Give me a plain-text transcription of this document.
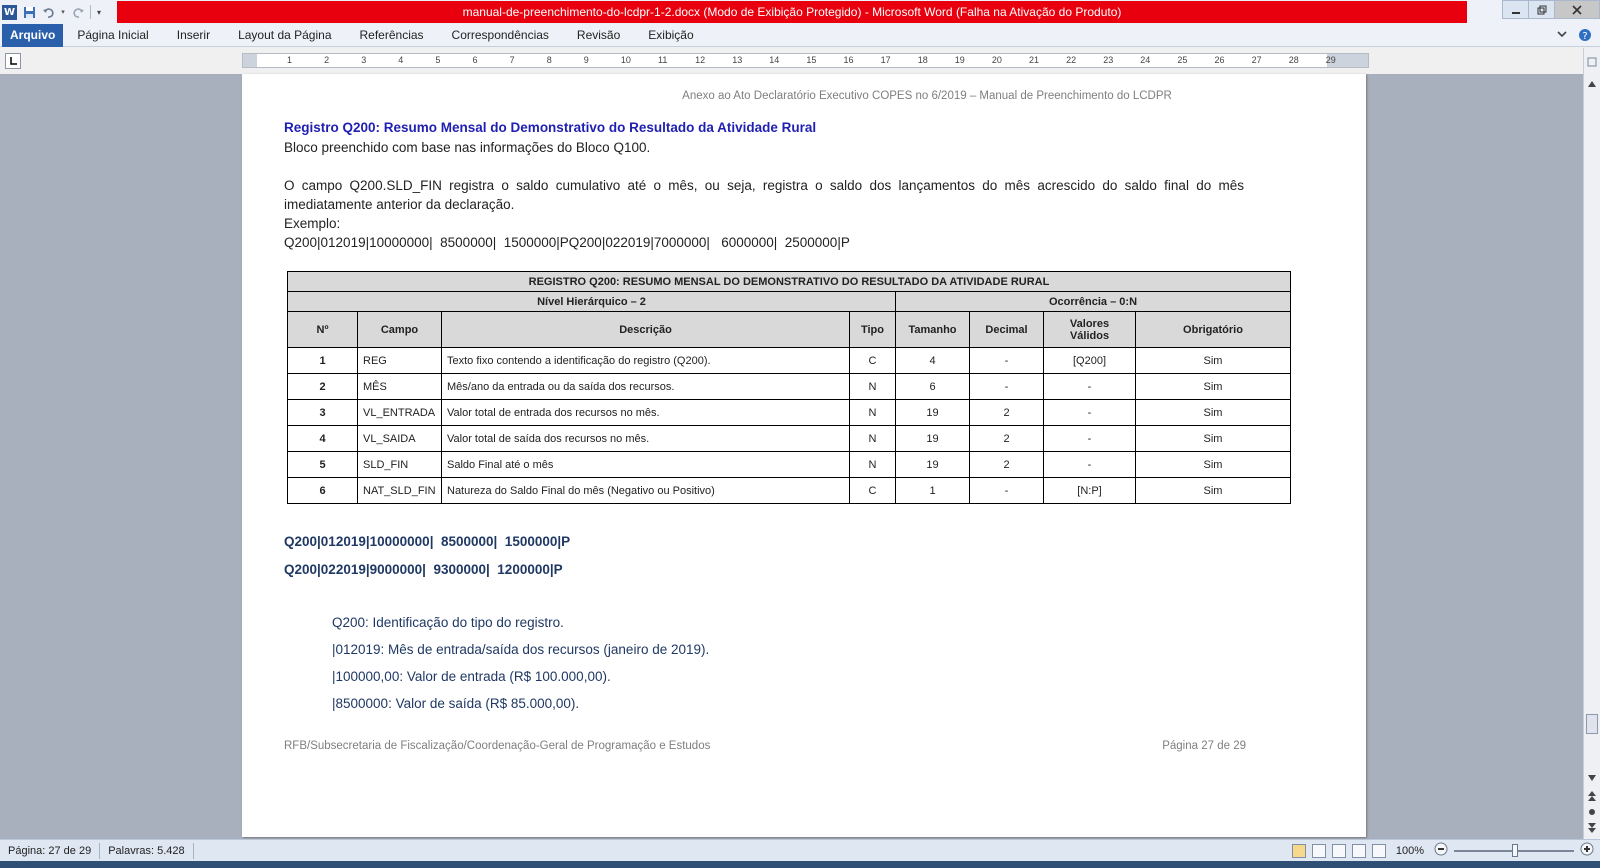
W	▾	▾	manual-de-preenchimento-do-lcdpr-1-2.docx (Modo de Exibição Protegido) - Microsoft Word (Falha na Ativação do Produto)
Arquivo	Página Inicial	Inserir	Layout da Página	Referências	Correspondências	Revisão	Exibição	?
1	2	3	4	5	6	7	8	9	10	11	12	13	14	15	16	17	18	19	20	21	22	23	24	25	26	27	28	29
Anexo ao Ato Declaratório Executivo COPES no 6/2019 – Manual de Preenchimento do LCDPR
Registro Q200: Resumo Mensal do Demonstrativo do Resultado da Atividade Rural
Bloco preenchido com base nas informações do Bloco Q100.
O campo Q200.SLD_FIN registra o saldo cumulativo até o mês, ou seja, registra o saldo dos lançamentos do mês acrescido do saldo final do mês
imediatamente anterior da declaração.
Exemplo:
Q200|012019|10000000|  8500000|  1500000|PQ200|022019|7000000|   6000000|  2500000|P
REGISTRO Q200: RESUMO MENSAL DO DEMONSTRATIVO DO RESULTADO DA ATIVIDADE RURAL							
Nível Hierárquico – 2				Ocorrência – 0:N			
Nº	Campo	Descrição	Tipo	Tamanho	Decimal	Valores Válidos	Obrigatório
1	REG	Texto fixo contendo a identificação do registro (Q200).	C	4	-	[Q200]	Sim
2	MÊS	Mês/ano da entrada ou da saída dos recursos.	N	6	-	-	Sim
3	VL_ENTRADA	Valor total de entrada dos recursos no mês.	N	19	2	-	Sim
4	VL_SAIDA	Valor total de saída dos recursos no mês.	N	19	2	-	Sim
5	SLD_FIN	Saldo Final até o mês	N	19	2	-	Sim
6	NAT_SLD_FIN	Natureza do Saldo Final do mês (Negativo ou Positivo)	C	1	-	[N:P]	Sim
Q200|012019|10000000|  8500000|  1500000|P
Q200|022019|9000000|  9300000|  1200000|P
Q200: Identificação do tipo do registro.
|012019: Mês de entrada/saída dos recursos (janeiro de 2019).
|100000,00: Valor de entrada (R$ 100.000,00).
|8500000: Valor de saída (R$ 85.000,00).
RFB/Subsecretaria de Fiscalização/Coordenação-Geral de Programação e Estudos	Página 27 de 29
Página: 27 de 29	Palavras: 5.428	100%
